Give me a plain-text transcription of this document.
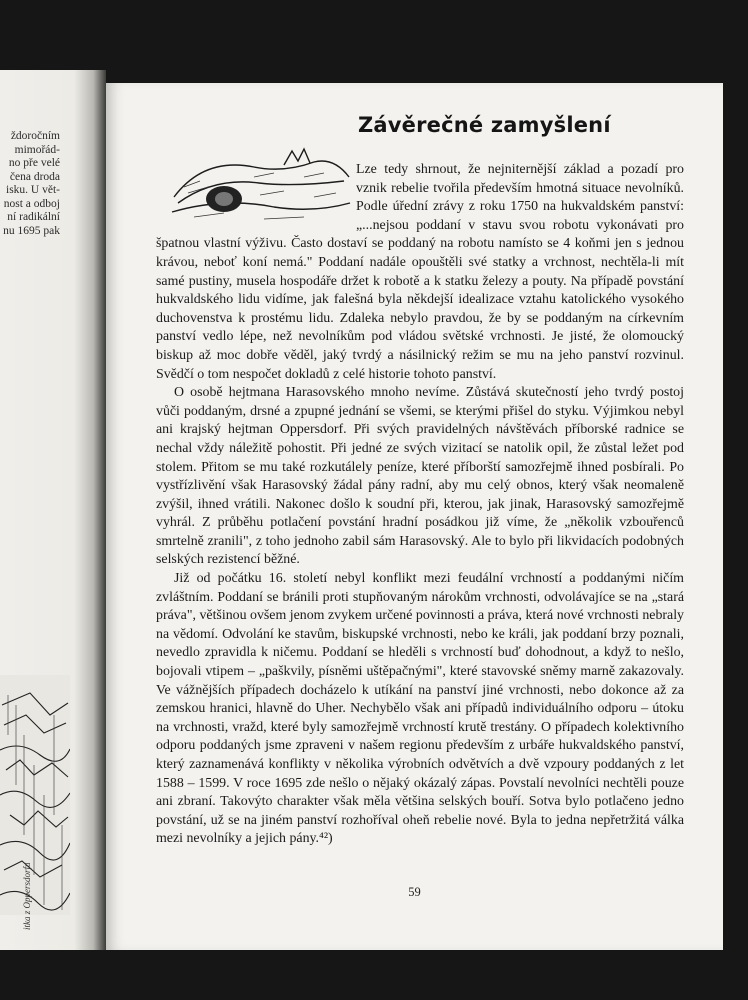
ždoročním
mimořád-
no pře velé
čena droda
isku. U vět-
nost a odboj
ní radikální
nu 1695 pak
itka z Oppersdorfu
Závěrečné zamyšlení

Lze tedy shrnout, že nejniternější základ a pozadí pro vznik rebelie tvořila především hmotná situace nevolníků. Podle úřední zrávy z roku 1750 na hukvaldském panství: „...nejsou poddaní v stavu svou robotu vykonávati pro špatnou vlastní výživu. Často dostaví se poddaný na robotu namísto se 4 koňmi jen s jednou krávou, neboť koní nemá." Poddaní nadále opouštěli své statky a vrchnost, nechtěla-li mít samé pustiny, musela hospodáře držet k robotě a k statku železy a pouty. Na případě povstání hukvaldského lidu vidíme, jak falešná byla někdejší idealizace vztahu katolického vysokého duchovenstva k prostému lidu. Zdaleka nebylo pravdou, že by se poddaným na církevním panství vedlo lépe, než nevolníkům pod vládou světské vrchnosti. Je jisté, že olomoucký biskup až moc dobře věděl, jaký tvrdý a násilnický režim se mu na jeho panství rozvinul. Svědčí o tom nespočet dokladů z celé historie tohoto panství.

O osobě hejtmana Harasovského mnoho nevíme. Zůstává skutečností jeho tvrdý postoj vůči poddaným, drsné a zpupné jednání se všemi, se kterými přišel do styku. Výjimkou nebyl ani krajský hejtman Oppersdorf. Při svých pravidelných návštěvách příborské radnice se nechal vždy náležitě pohostit. Při jedné ze svých vizitací se natolik opil, že zůstal ležet pod stolem. Přitom se mu také rozkutálely peníze, které příborští samozřejmě ihned posbírali. Po vystřízlivění však Harasovský žádal pány radní, aby mu celý obnos, který však neomaleně zvýšil, ihned vrátili. Nakonec došlo k soudní při, kterou, jak jinak, Harasovský samozřejmě vyhrál. Z průběhu potlačení povstání hradní posádkou již víme, že „několik vzbouřenců smrtelně zranili", z toho jednoho zabil sám Harasovský. Ale to bylo při likvidacích podobných selských rezistencí běžné.

Již od počátku 16. století nebyl konflikt mezi feudální vrchností a poddanými ničím zvláštním. Poddaní se bránili proti stupňovaným nárokům vrchnosti, odvolávajíce se na „stará práva", většinou ovšem jenom zvykem určené povinnosti a práva, která nové vrchnosti nebraly na vědomí. Odvolání ke stavům, biskupské vrchnosti, nebo ke králi, jak poddaní brzy poznali, nevedlo zpravidla k ničemu. Poddaní se hleděli s vrchností buď dohodnout, a když to nešlo, bojovali vtipem – „paškvily, písněmi uštěpačnými", které stavovské sněmy marně zakazovaly. Ve vážnějších případech docházelo k utíkání na panství jiné vrchnosti, nebo dokonce až za zemskou hranici, hlavně do Uher. Nechybělo však ani případů individuálního odporu – útoku na vrchnosti, vražd, které byly samozřejmě vrchností krutě trestány. O případech kolektivního odporu poddaných jsme zpraveni v našem regionu především z urbáře hukvaldského panství, který zaznamenává konflikty v několika výrobních odvětvích a dvě vzpoury poddaných z let 1588 – 1599. V roce 1695 zde nešlo o nějaký okázalý zápas. Povstalí nevolníci nechtěli pouze ani zbraní. Takovýto charakter však měla většina selských bouří. Sotva bylo potlačeno jedno povstání, už se na jiném panství rozhoříval oheň rebelie nové. Byla to jedna nepřetržitá válka mezi nevolníky a jejich pány.⁴²)

59
